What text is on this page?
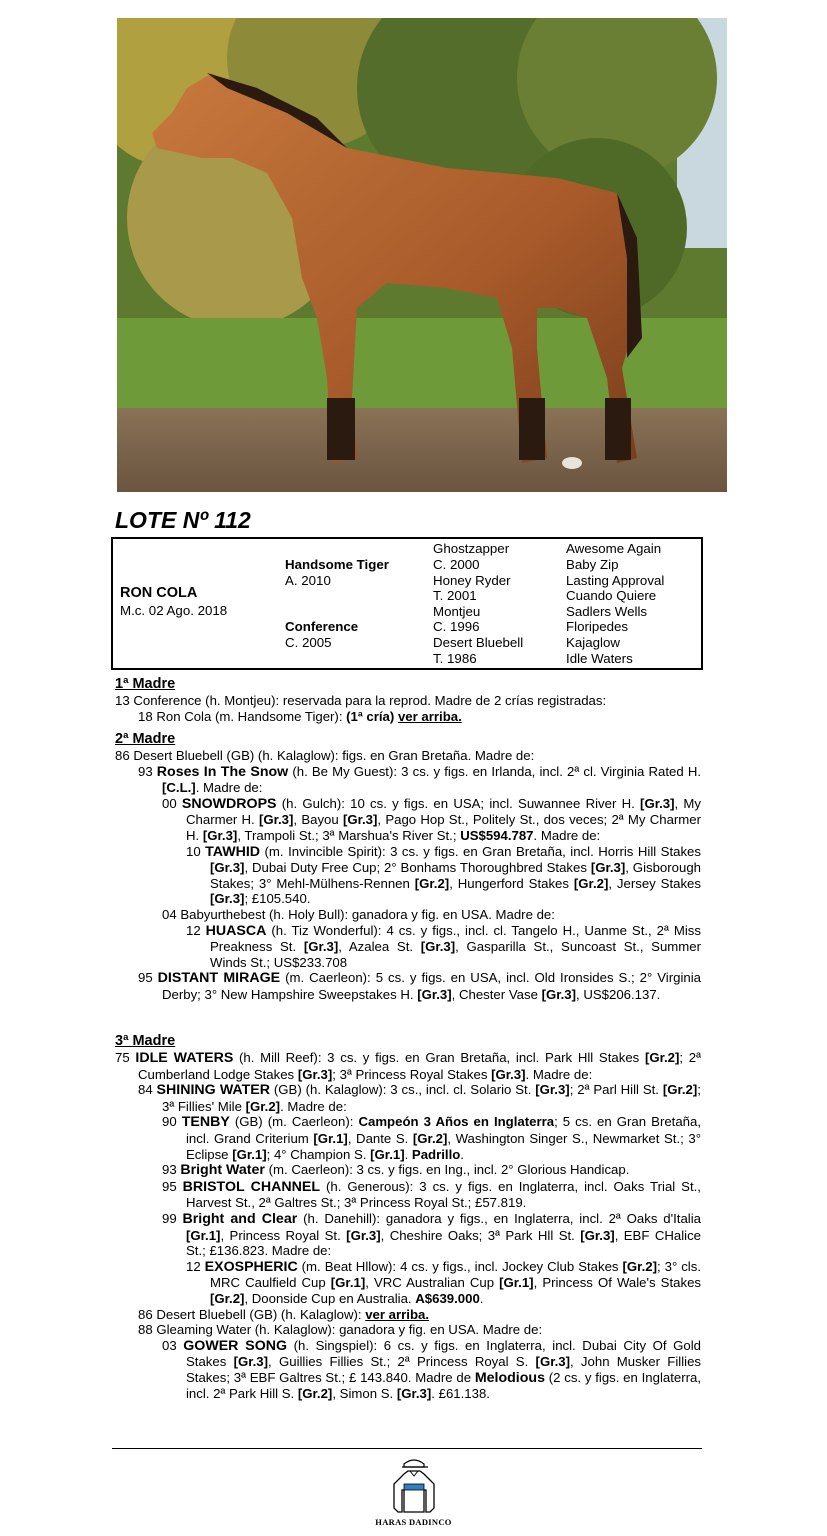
LOTE Nº 112
RON COLA
M.c. 02 Ago. 2018
Handsome Tiger
A. 2010
Conference
C. 2005
Ghostzapper
C. 2000
Honey Ryder
T. 2001
Montjeu
C. 1996
Desert Bluebell
T. 1986
Awesome Again
Baby Zip
Lasting Approval
Cuando Quiere
Sadlers Wells
Floripedes
Kajaglow
Idle Waters
1ª Madre

13 Conference (h. Montjeu): reservada para la reprod. Madre de 2 crías registradas:

18 Ron Cola (m. Handsome Tiger): (1ª cría) ver arriba.

2ª Madre

86 Desert Bluebell (GB) (h. Kalaglow): figs. en Gran Bretaña. Madre de:

93 Roses In The Snow (h. Be My Guest): 3 cs. y figs. en Irlanda, incl. 2ª cl. Virginia Rated H. [C.L.]. Madre de:

00 SNOWDROPS (h. Gulch): 10 cs. y figs. en USA; incl. Suwannee River H. [Gr.3], My Charmer H. [Gr.3], Bayou [Gr.3], Pago Hop St., Politely St., dos veces; 2ª My Charmer H. [Gr.3], Trampoli St.; 3ª Marshua's River St.; US$594.787. Madre de:

10 TAWHID (m. Invincible Spirit): 3 cs. y figs. en Gran Bretaña, incl. Horris Hill Stakes [Gr.3], Dubai Duty Free Cup; 2° Bonhams Thoroughbred Stakes [Gr.3], Gisborough Stakes; 3° Mehl-Mülhens-Rennen [Gr.2], Hungerford Stakes [Gr.2], Jersey Stakes [Gr.3]; £105.540.

04 Babyurthebest (h. Holy Bull): ganadora y fig. en USA. Madre de:

12 HUASCA (h. Tiz Wonderful): 4 cs. y figs., incl. cl. Tangelo H., Uanme St., 2ª Miss Preakness St. [Gr.3], Azalea St. [Gr.3], Gasparilla St., Suncoast St., Summer Winds St.; US$233.708

95 DISTANT MIRAGE (m. Caerleon): 5 cs. y figs. en USA, incl. Old Ironsides S.; 2° Virginia Derby; 3° New Hampshire Sweepstakes H. [Gr.3], Chester Vase [Gr.3], US$206.137.

3ª Madre

75 IDLE WATERS (h. Mill Reef): 3 cs. y figs. en Gran Bretaña, incl. Park Hll Stakes [Gr.2]; 2ª Cumberland Lodge Stakes [Gr.3]; 3ª Princess Royal Stakes [Gr.3]. Madre de:

84 SHINING WATER (GB) (h. Kalaglow): 3 cs., incl. cl. Solario St. [Gr.3]; 2ª Parl Hill St. [Gr.2]; 3ª Fillies' Mile [Gr.2]. Madre de:

90 TENBY (GB) (m. Caerleon): Campeón 3 Años en Inglaterra; 5 cs. en Gran Bretaña, incl. Grand Criterium [Gr.1], Dante S. [Gr.2], Washington Singer S., Newmarket St.; 3° Eclipse [Gr.1]; 4° Champion S. [Gr.1]. Padrillo.

93 Bright Water (m. Caerleon): 3 cs. y figs. en Ing., incl. 2° Glorious Handicap.

95 BRISTOL CHANNEL (h. Generous): 3 cs. y figs. en Inglaterra, incl. Oaks Trial St., Harvest St., 2ª Galtres St.; 3ª Princess Royal St.; £57.819.

99 Bright and Clear (h. Danehill): ganadora y figs., en Inglaterra, incl. 2ª Oaks d'Italia [Gr.1], Princess Royal St. [Gr.3], Cheshire Oaks; 3ª Park Hll St. [Gr.3], EBF CHalice St.; £136.823. Madre de:

12 EXOSPHERIC (m. Beat Hllow): 4 cs. y figs., incl. Jockey Club Stakes [Gr.2]; 3° cls. MRC Caulfield Cup [Gr.1], VRC Australian Cup [Gr.1], Princess Of Wale's Stakes [Gr.2], Doonside Cup en Australia. A$639.000.

86 Desert Bluebell (GB) (h. Kalaglow): ver arriba.

88 Gleaming Water (h. Kalaglow): ganadora y fig. en USA. Madre de:

03 GOWER SONG (h. Singspiel): 6 cs. y figs. en Inglaterra, incl. Dubai City Of Gold Stakes [Gr.3], Guillies Fillies St.; 2ª Princess Royal S. [Gr.3], John Musker Fillies Stakes; 3ª EBF Galtres St.; £ 143.840. Madre de Melodious (2 cs. y figs. en Inglaterra, incl. 2ª Park Hill S. [Gr.2], Simon S. [Gr.3]. £61.138.

HARAS DADINCO
